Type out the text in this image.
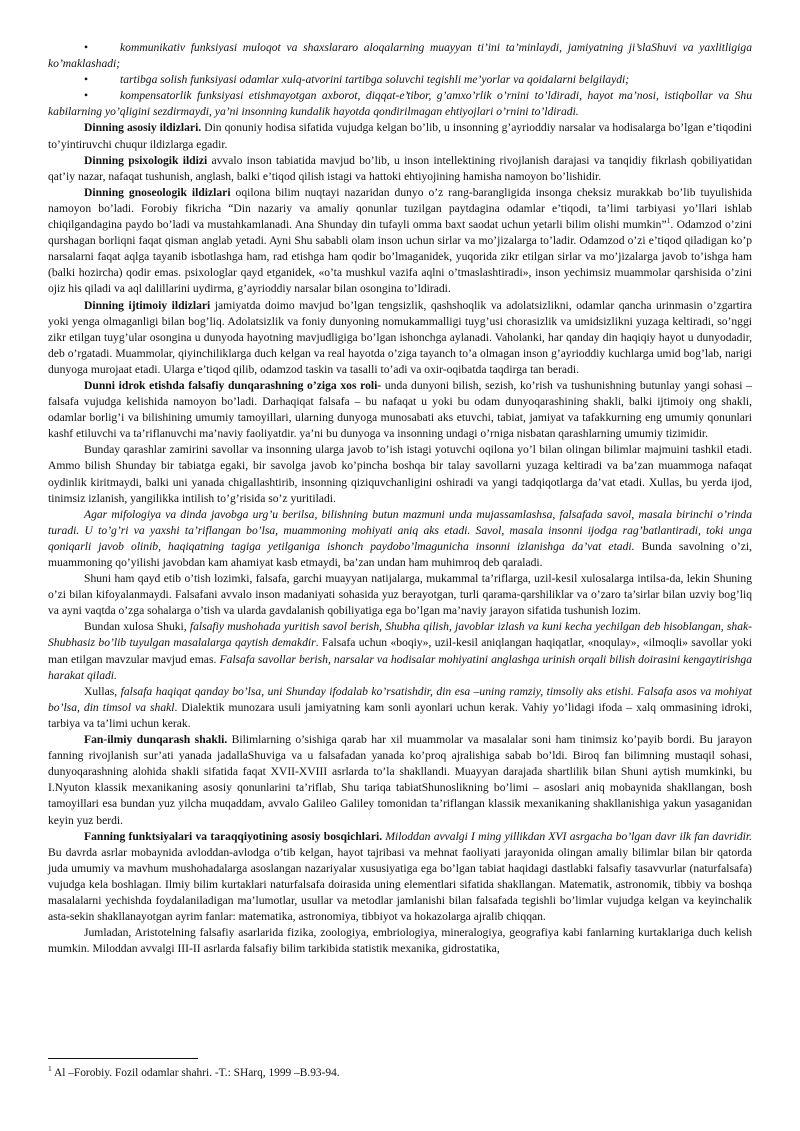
•	kommunikativ funksiyasi muloqot va shaxslararo aloqalarning muayyan ti’ini ta’minlaydi, jamiyatning ji’slaShuvi va yaxlitligiga ko’maklashadi;

•	tartibga solish funksiyasi odamlar xulq-atvorini tartibga soluvchi tegishli me’yorlar va qoidalarni belgilaydi;

•	kompensatorlik funksiyasi etishmayotgan axborot, diqqat-e’tibor, g’amxo’rlik o’rnini to’ldiradi, hayot ma’nosi, istiqbollar va Shu kabilarning yo’qligini sezdirmaydi, ya’ni insonning kundalik hayotda qondirilmagan ehtiyojlari o’rnini to’ldiradi.

Dinning asosiy ildizlari. Din qonuniy hodisa sifatida vujudga kelgan bo’lib, u insonning g’ayrioddiy narsalar va hodisalarga bo’lgan e’tiqodini to’yintiruvchi chuqur ildizlarga egadir.

Dinning psixologik ildizi avvalo inson tabiatida mavjud bo’lib, u inson intellektining rivojlanish darajasi va tanqidiy fikrlash qobiliyatidan qat’iy nazar, nafaqat tushunish, anglash, balki e’tiqod qilish istagi va hattoki ehtiyojining hamisha namoyon bo’lishidir.

Dinning gnoseologik ildizlari oqilona bilim nuqtayi nazaridan dunyo o’z rang-barangligida insonga cheksiz murakkab bo’lib tuyulishida namoyon bo’ladi. Forobiy fikricha “Din nazariy va amaliy qonunlar tuzilgan paytdagina odamlar e’tiqodi, ta’limi tarbiyasi yo’llari ishlab chiqilgandagina paydo bo’ladi va mustahkamlanadi. Ana Shunday din tufayli omma baxt saodat uchun yetarli bilim olishi mumkin”$^1$. Odamzod o’zini qurshagan borliqni faqat qisman anglab yetadi. Ayni Shu sababli olam inson uchun sirlar va mo’jizalarga to’ladir. Odamzod o’zi e’tiqod qiladigan ko’p narsalarni faqat aqlga tayanib isbotlashga ham, rad etishga ham qodir bo’lmaganidek, yuqorida zikr etilgan sirlar va mo’jizalarga javob to’ishga ham (balki hozircha) qodir emas. psixologlar qayd etganidek, «o’ta mushkul vazifa aqlni o’tmaslashtiradi», inson yechimsiz muammolar qarshisida o’zini ojiz his qiladi va aql dalillarini uydirma, g’ayrioddiy narsalar bilan osongina to’ldiradi.

Dinning ijtimoiy ildizlari jamiyatda doimo mavjud bo’lgan tengsizlik, qashshoqlik va adolatsizlikni, odamlar qancha urinmasin o’zgartira yoki yenga olmaganligi bilan bog’liq. Adolatsizlik va foniy dunyoning nomukammalligi tuyg’usi chorasizlik va umidsizlikni yuzaga keltiradi, so’nggi zikr etilgan tuyg’ular osongina u dunyoda hayotning mavjudligiga bo’lgan ishonchga aylanadi. Vaholanki, har qanday din haqiqiy hayot u dunyodadir, deb o’rgatadi. Muammolar, qiyinchiliklarga duch kelgan va real hayotda o’ziga tayanch to’a olmagan inson g’ayrioddiy kuchlarga umid bog’lab, narigi dunyoga murojaat etadi. Ularga e’tiqod qilib, odamzod taskin va tasalli to’adi va oxir-oqibatda taqdirga tan beradi.

Dunni idrok etishda falsafiy dunqarashning o’ziga xos roli- unda dunyoni bilish, sezish, ko’rish va tushunishning butunlay yangi sohasi – falsafa vujudga kelishida namoyon bo’ladi. Darhaqiqat falsafa – bu nafaqat u yoki bu odam dunyoqarashining shakli, balki ijtimoiy ong shakli, odamlar borlig’i va bilishining umumiy tamoyillari, ularning dunyoga munosabati aks etuvchi, tabiat, jamiyat va tafakkurning eng umumiy qonunlari kashf etiluvchi va ta’riflanuvchi ma’naviy faoliyatdir. ya’ni bu dunyoga va insonning undagi o’rniga nisbatan qarashlarning umumiy tizimidir.

Bunday qarashlar zamirini savollar va insonning ularga javob to’ish istagi yotuvchi oqilona yo’l bilan olingan bilimlar majmuini tashkil etadi. Ammo bilish Shunday bir tabiatga egaki, bir savolga javob ko’pincha boshqa bir talay savollarni yuzaga keltiradi va ba’zan muammoga nafaqat oydinlik kiritmaydi, balki uni yanada chigallashtirib, insonning qiziquvchanligini oshiradi va yangi tadqiqotlarga da’vat etadi. Xullas, bu yerda ijod, tinimsiz izlanish, yangilikka intilish to’g’risida so’z yuritiladi.

Agar mifologiya va dinda javobga urg’u berilsa, bilishning butun mazmuni unda mujassamlashsa, falsafada savol, masala birinchi o’rinda turadi. U to’g’ri va yaxshi ta’riflangan bo’lsa, muammoning mohiyati aniq aks etadi. Savol, masala insonni ijodga rag’batlantiradi, toki unga qoniqarli javob olinib, haqiqatning tagiga yetilganiga ishonch paydobo’lmagunicha insonni izlanishga da’vat etadi. Bunda savolning o’zi, muammoning qo’yilishi javobdan kam ahamiyat kasb etmaydi, ba’zan undan ham muhimroq deb qaraladi.

Shuni ham qayd etib o’tish lozimki, falsafa, garchi muayyan natijalarga, mukammal ta’riflarga, uzil-kesil xulosalarga intilsa-da, lekin Shuning o’zi bilan kifoyalanmaydi. Falsafani avvalo inson madaniyati sohasida yuz berayotgan, turli qarama-qarshiliklar va o’zaro ta’sirlar bilan uzviy bog’liq va ayni vaqtda o’zga sohalarga o’tish va ularda gavdalanish qobiliyatiga ega bo’lgan ma’naviy jarayon sifatida tushunish lozim.

Bundan xulosa Shuki, falsafiy mushohada yuritish savol berish, Shubha qilish, javoblar izlash va kuni kecha yechilgan deb hisoblangan, shak-Shubhasiz bo’lib tuyulgan masalalarga qaytish demakdir. Falsafa uchun «boqiy», uzil-kesil aniqlangan haqiqatlar, «noqulay», «ilmoqli» savollar yoki man etilgan mavzular mavjud emas. Falsafa savollar berish, narsalar va hodisalar mohiyatini anglashga urinish orqali bilish doirasini kengaytirishga harakat qiladi.

Xullas, falsafa haqiqat qanday bo’lsa, uni Shunday ifodalab ko’rsatishdir, din esa –uning ramziy, timsoliy aks etishi. Falsafa asos va mohiyat bo’lsa, din timsol va shakl. Dialektik munozara usuli jamiyatning kam sonli ayonlari uchun kerak. Vahiy yo’lidagi ifoda – xalq ommasining idroki, tarbiya va ta’limi uchun kerak.

Fan-ilmiy dunqarash shakli. Bilimlarning o’sishiga qarab har xil muammolar va masalalar soni ham tinimsiz ko’payib bordi. Bu jarayon fanning rivojlanish sur’ati yanada jadallaShuviga va u falsafadan yanada ko’proq ajralishiga sabab bo’ldi. Biroq fan bilimning mustaqil sohasi, dunyoqarashning alohida shakli sifatida faqat XVII-XVIII asrlarda to’la shakllandi. Muayyan darajada shartlilik bilan Shuni aytish mumkinki, bu I.Nyuton klassik mexanikaning asosiy qonunlarini ta’riflab, Shu tariqa tabiatShunoslikning bo’limi – asoslari aniq mobaynida shakllangan, bosh tamoyillari esa bundan yuz yilcha muqaddam, avvalo Galileo Galiley tomonidan ta’riflangan klassik mexanikaning shakllanishiga yakun yasaganidan keyin yuz berdi.

Fanning funktsiyalari va taraqqiyotining asosiy bosqichlari. Miloddan avvalgi I ming yillikdan XVI asrgacha bo’lgan davr ilk fan davridir. Bu davrda asrlar mobaynida avloddan-avlodga o’tib kelgan, hayot tajribasi va mehnat faoliyati jarayonida olingan amaliy bilimlar bilan bir qatorda juda umumiy va mavhum mushohadalarga asoslangan nazariyalar xususiyatiga ega bo’lgan tabiat haqidagi dastlabki falsafiy tasavvurlar (naturfalsafa) vujudga kela boshlagan. Ilmiy bilim kurtaklari naturfalsafa doirasida uning elementlari sifatida shakllangan. Matematik, astronomik, tibbiy va boshqa masalalarni yechishda foydalaniladigan ma’lumotlar, usullar va metodlar jamlanishi bilan falsafada tegishli bo’limlar vujudga kelgan va keyinchalik asta-sekin shakllanayotgan ayrim fanlar: matematika, astronomiya, tibbiyot va hokazolarga ajralib chiqqan.

Jumladan, Aristotelning falsafiy asarlarida fizika, zoologiya, embriologiya, mineralogiya, geografiya kabi fanlarning kurtaklariga duch kelish mumkin. Miloddan avvalgi III-II asrlarda falsafiy bilim tarkibida statistik mexanika, gidrostatika,

$^1$ Al –Forobiy. Fozil odamlar shahri. -T.: SHarq, 1999 –B.93-94.
